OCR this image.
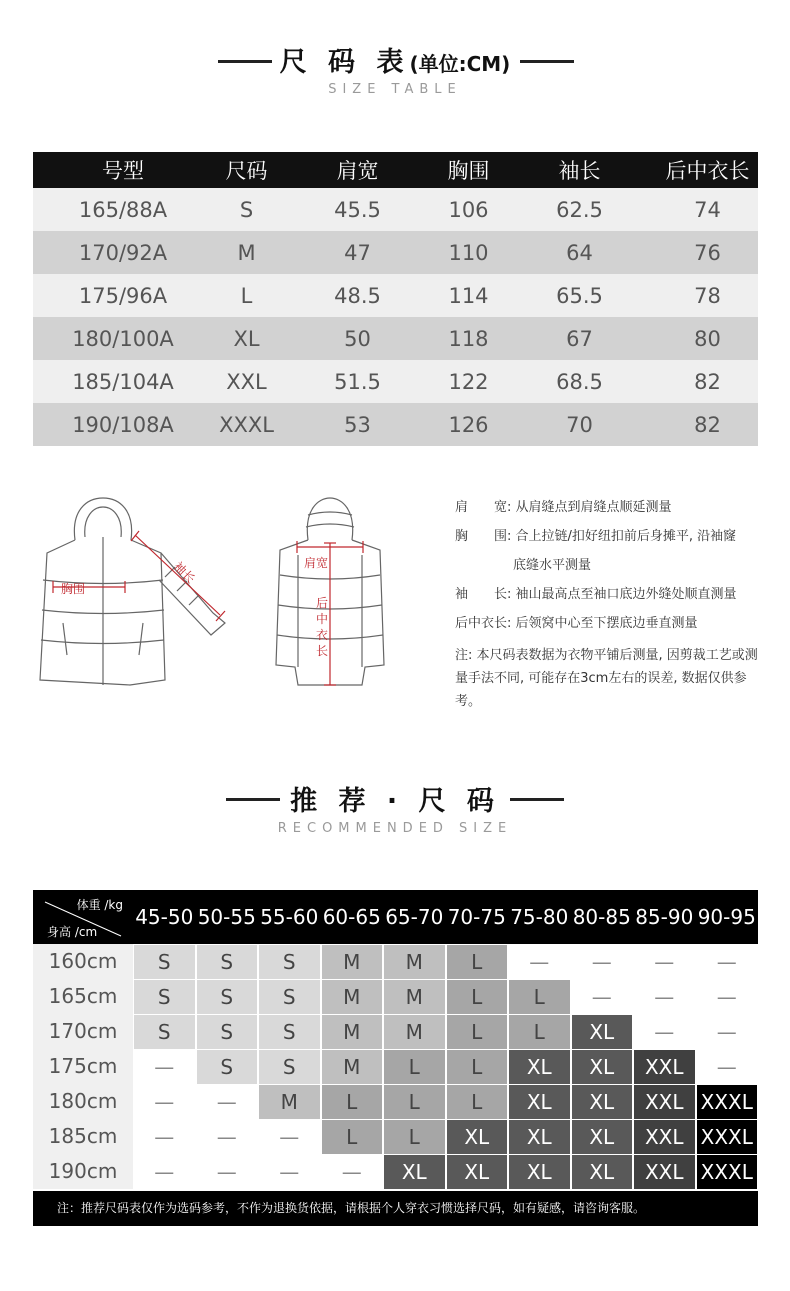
尺 码 表(单位:CM)
SIZE TABLE
号型	尺码	肩宽	胸围	袖长	后中衣长
165/88A	S	45.5	106	62.5	74
170/92A	M	47	110	64	76
175/96A	L	48.5	114	65.5	78
180/100A	XL	50	118	67	80
185/104A	XXL	51.5	122	68.5	82
190/108A	XXXL	53	126	70	82
胸围
袖长	肩宽
后
中
衣
长
肩　　宽: 从肩缝点到肩缝点顺延测量
胸　　围: 合上拉链/扣好纽扣前后身摊平, 沿袖窿
底缝水平测量
袖　　长: 袖山最高点至袖口底边外缝处顺直测量
后中衣长: 后领窝中心至下摆底边垂直测量
注: 本尺码表数据为衣物平铺后测量, 因剪裁工艺或测量手法不同, 可能存在3cm左右的误差, 数据仅供参考。
推 荐 · 尺 码
RECOMMENDED SIZE
体重 /kg
身高 /cm
45-50 50-55 55-60 60-65 65-70 70-75 75-80 80-85 85-90 90-95
160cm	S	S	S	M	M	L	—	—	—	—
165cm	S	S	S	M	M	L	L	—	—	—
170cm	S	S	S	M	M	L	L	XL	—	—
175cm	—	S	S	M	L	L	XL	XL	XXL	—
180cm	—	—	M	L	L	L	XL	XL	XXL XXXL
185cm	—	—	—	L	L	XL	XL	XL	XXL XXXL
190cm	—	—	—	—	XL	XL	XL	XL	XXL XXXL
注：推荐尺码表仅作为选码参考，不作为退换货依据，请根据个人穿衣习惯选择尺码，如有疑感，请咨询客服。
